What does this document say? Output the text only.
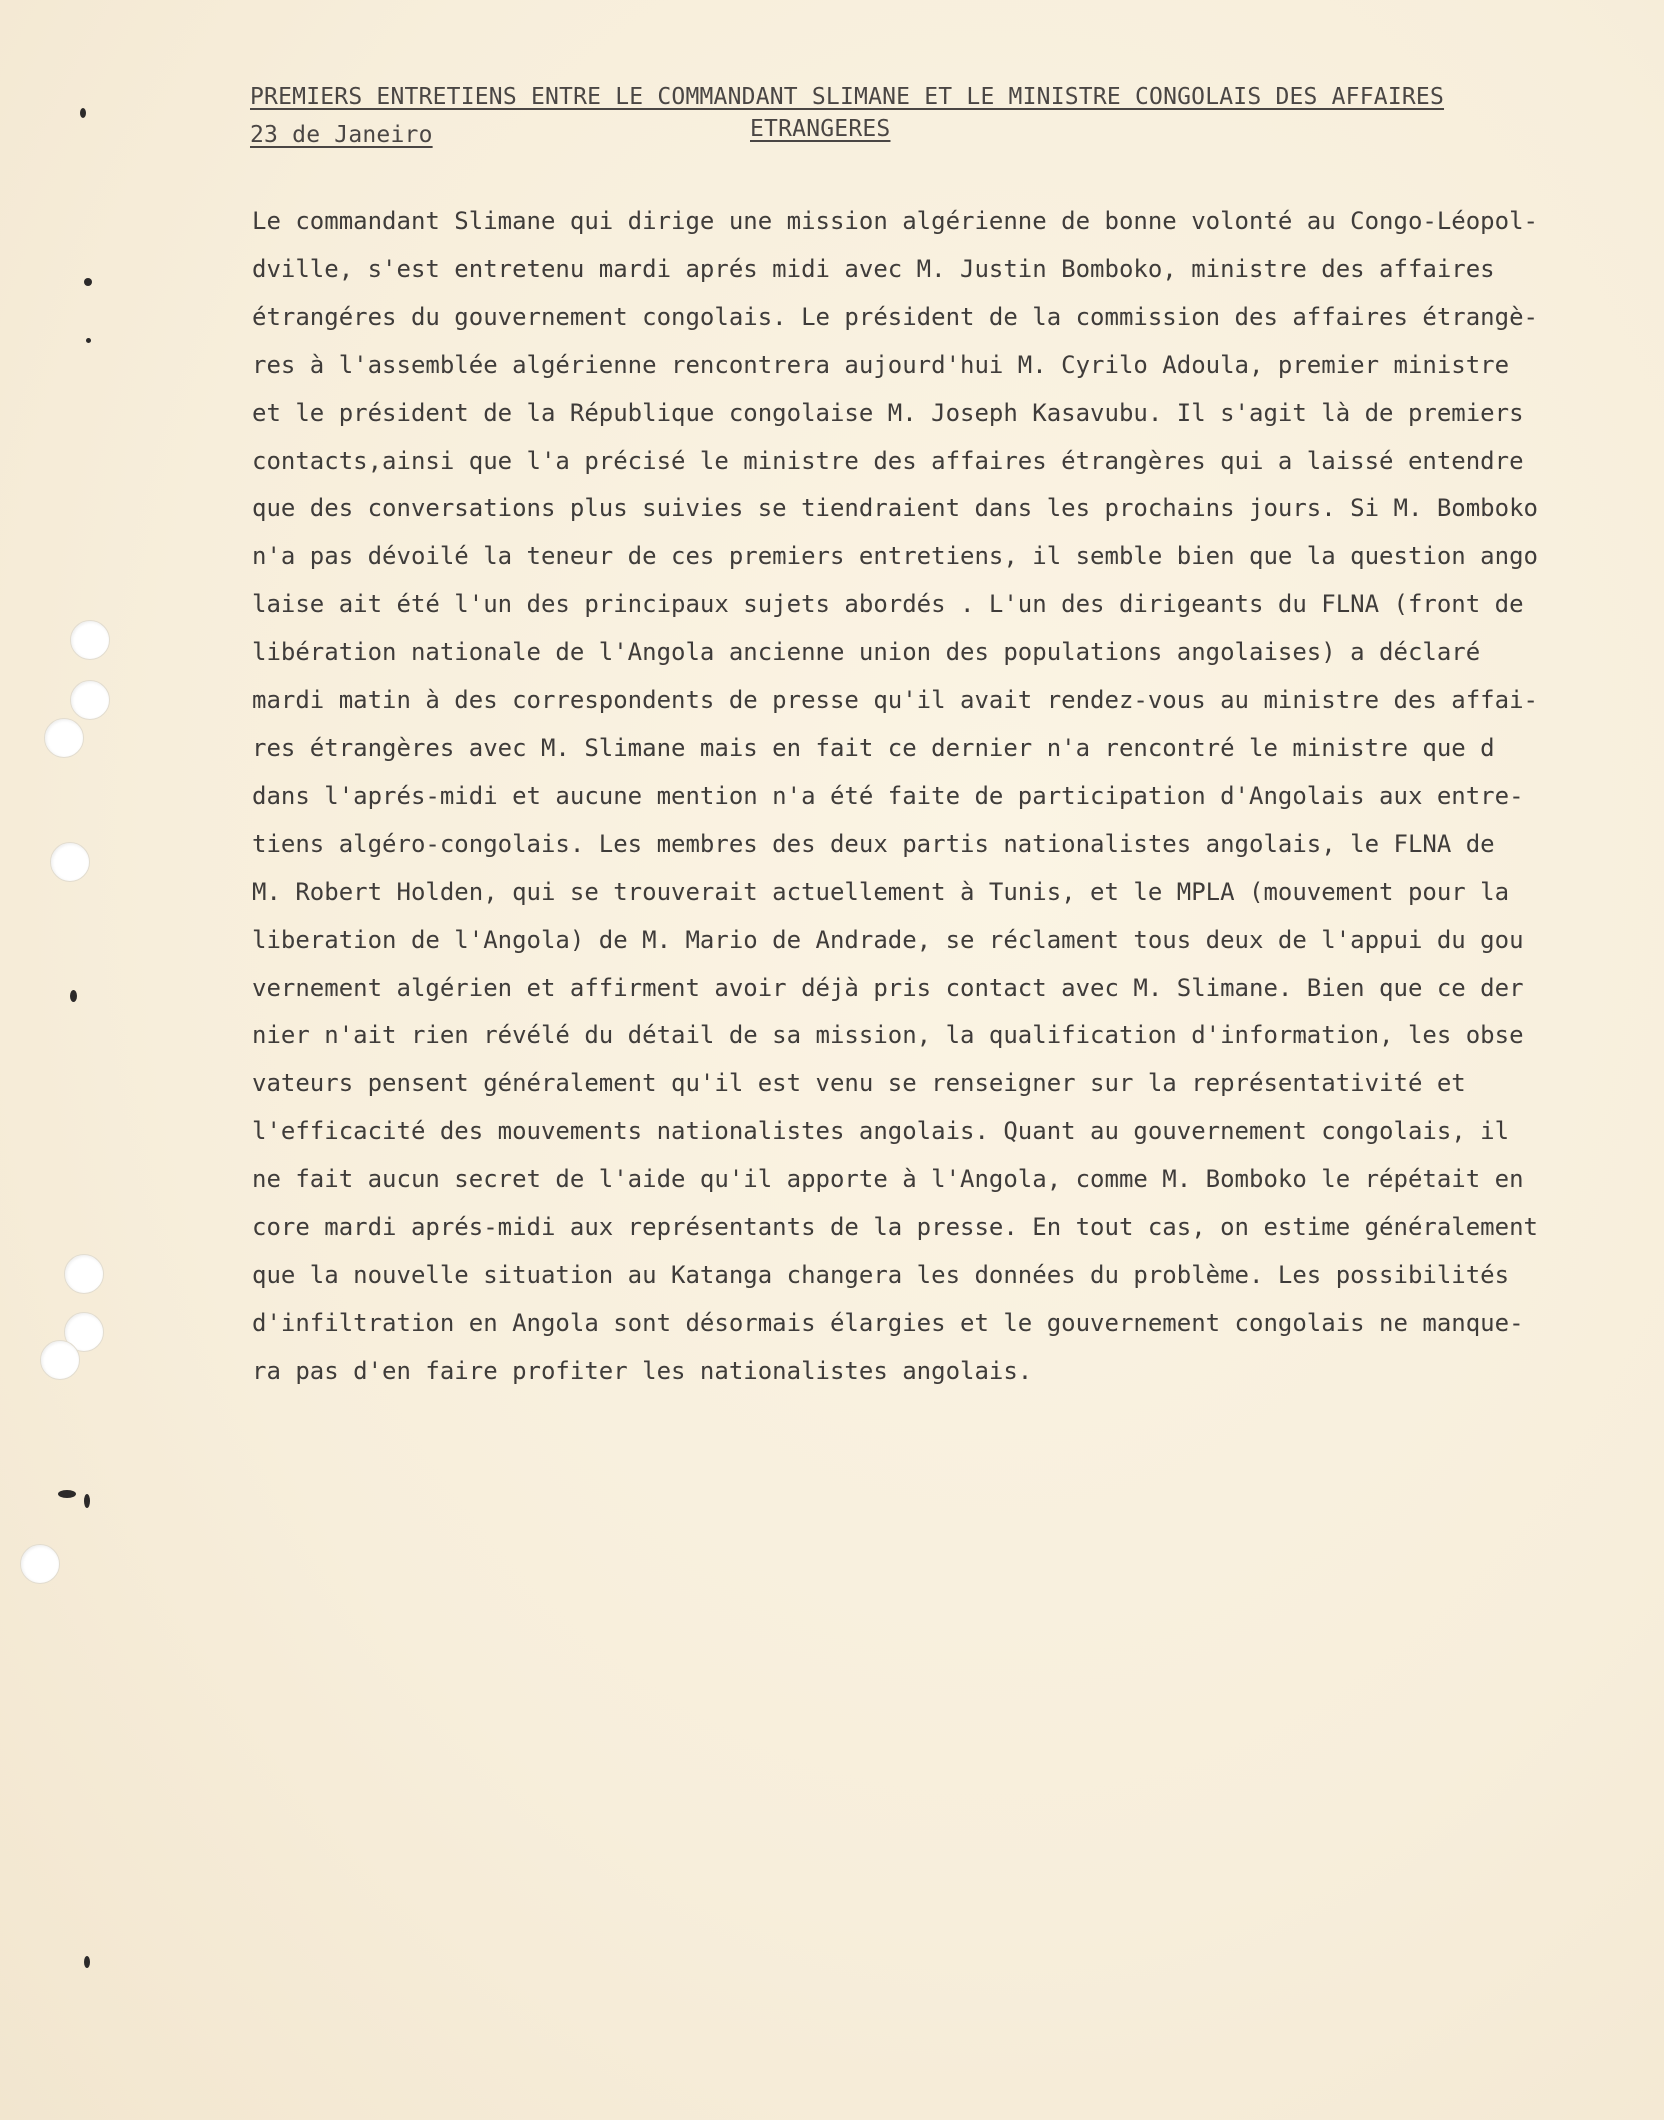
PREMIERS ENTRETIENS ENTRE LE COMMANDANT SLIMANE ET LE MINISTRE CONGOLAIS DES AFFAIRES
23 de Janeiro	ETRANGERES
Le commandant Slimane qui dirige une mission algérienne de bonne volonté au Congo-Léopol-
dville, s'est entretenu mardi aprés midi avec M. Justin Bomboko, ministre des affaires
étrangéres du gouvernement congolais. Le président de la commission des affaires étrangè-
res à l'assemblée algérienne rencontrera aujourd'hui M. Cyrilo Adoula, premier ministre
et le président de la République congolaise M. Joseph Kasavubu. Il s'agit là de premiers
contacts,ainsi que l'a précisé le ministre des affaires étrangères qui a laissé entendre
que des conversations plus suivies se tiendraient dans les prochains jours. Si M. Bomboko
n'a pas dévoilé la teneur de ces premiers entretiens, il semble bien que la question ango
laise ait été l'un des principaux sujets abordés . L'un des dirigeants du FLNA (front de
libération nationale de l'Angola ancienne union des populations angolaises) a déclaré
mardi matin à des correspondents de presse qu'il avait rendez-vous au ministre des affai-
res étrangères avec M. Slimane mais en fait ce dernier n'a rencontré le ministre que d
dans l'aprés-midi et aucune mention n'a été faite de participation d'Angolais aux entre-
tiens algéro-congolais. Les membres des deux partis nationalistes angolais, le FLNA de
M. Robert Holden, qui se trouverait actuellement à Tunis, et le MPLA (mouvement pour la
liberation de l'Angola) de M. Mario de Andrade, se réclament tous deux de l'appui du gou
vernement algérien et affirment avoir déjà pris contact avec M. Slimane. Bien que ce der
nier n'ait rien révélé du détail de sa mission, la qualification d'information, les obse
vateurs pensent généralement qu'il est venu se renseigner sur la représentativité et
l'efficacité des mouvements nationalistes angolais. Quant au gouvernement congolais, il
ne fait aucun secret de l'aide qu'il apporte à l'Angola, comme M. Bomboko le répétait en
core mardi aprés-midi aux représentants de la presse. En tout cas, on estime généralement
que la nouvelle situation au Katanga changera les données du problème. Les possibilités
d'infiltration en Angola sont désormais élargies et le gouvernement congolais ne manque-
ra pas d'en faire profiter les nationalistes angolais.
